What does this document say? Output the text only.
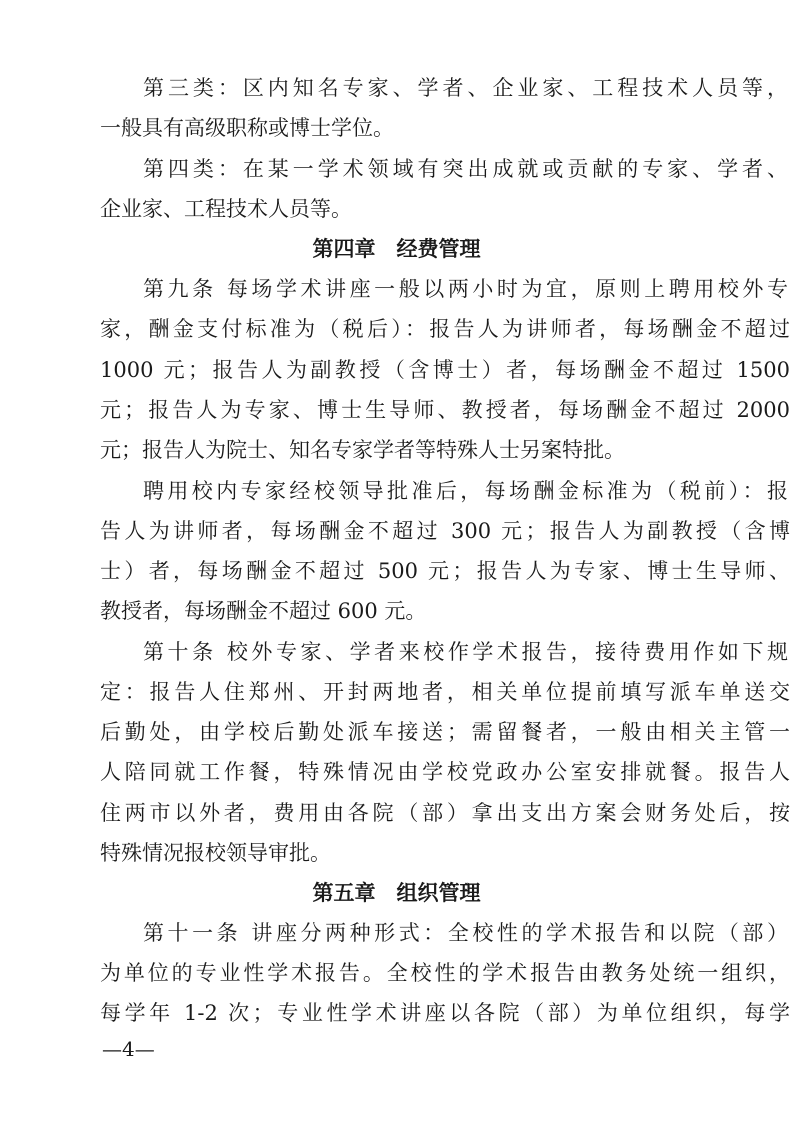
第三类：区内知名专家、学者、企业家、工程技术人员等，
一般具有高级职称或博士学位。
第四类：在某一学术领域有突出成就或贡献的专家、学者、
企业家、工程技术人员等。
第四章　经费管理
第九条 每场学术讲座一般以两小时为宜，原则上聘用校外专
家，酬金支付标准为（税后）：报告人为讲师者，每场酬金不超过
1000 元；报告人为副教授（含博士）者，每场酬金不超过 1500
元；报告人为专家、博士生导师、教授者，每场酬金不超过 2000
元；报告人为院士、知名专家学者等特殊人士另案特批。
聘用校内专家经校领导批准后，每场酬金标准为（税前）：报
告人为讲师者，每场酬金不超过 300 元；报告人为副教授（含博
士）者，每场酬金不超过 500 元；报告人为专家、博士生导师、
教授者，每场酬金不超过 600 元。
第十条 校外专家、学者来校作学术报告，接待费用作如下规
定：报告人住郑州、开封两地者，相关单位提前填写派车单送交
后勤处，由学校后勤处派车接送；需留餐者，一般由相关主管一
人陪同就工作餐，特殊情况由学校党政办公室安排就餐。报告人
住两市以外者，费用由各院（部）拿出支出方案会财务处后，按
特殊情况报校领导审批。
第五章　组织管理
第十一条 讲座分两种形式：全校性的学术报告和以院（部）
为单位的专业性学术报告。全校性的学术报告由教务处统一组织，
每学年 1-2 次；专业性学术讲座以各院（部）为单位组织，每学
—4—
